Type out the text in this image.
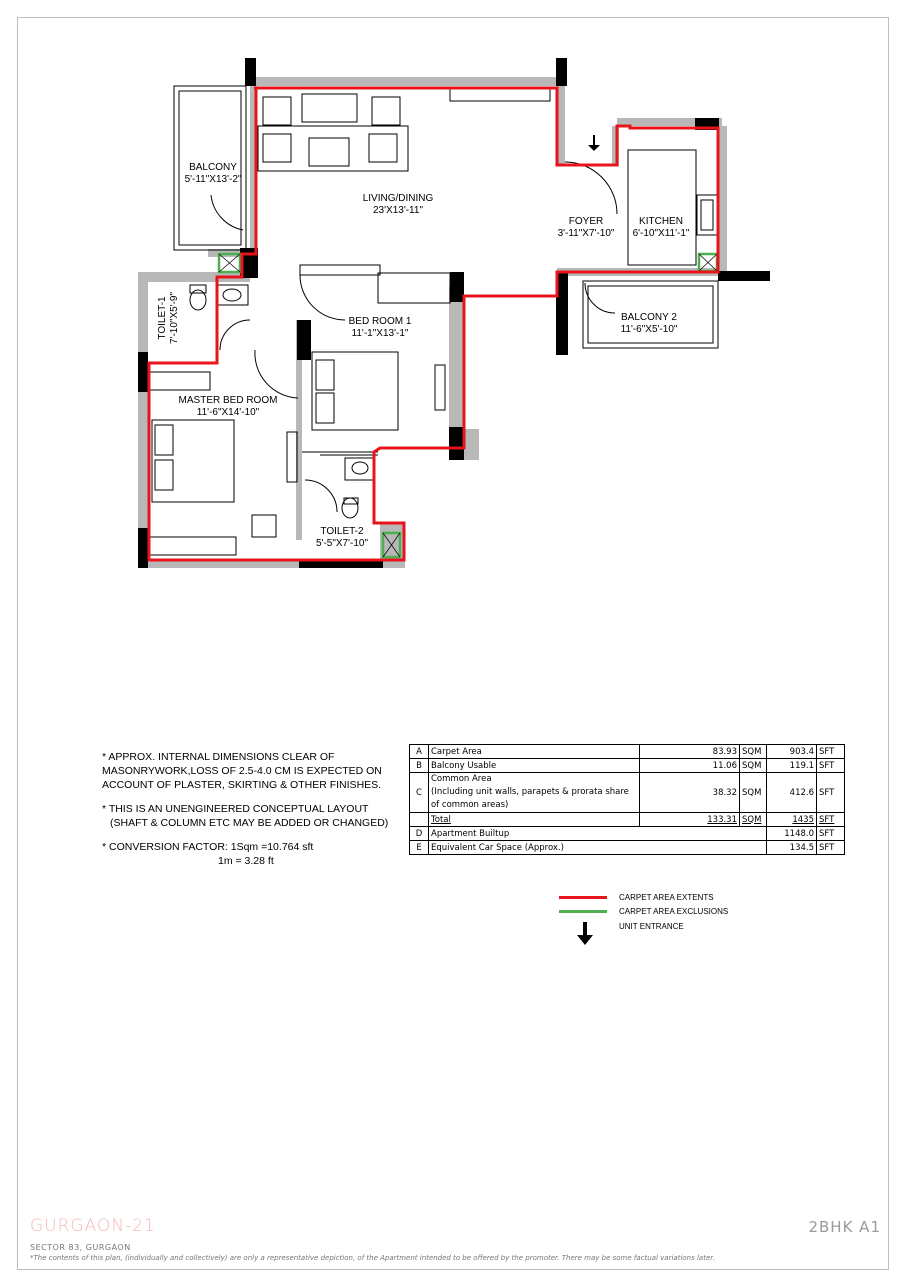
BALCONY
5'-11"X13'-2"
LIVING/DINING
23'X13'-11"
FOYER
3'-11"X7'-10"
KITCHEN
6'-10"X11'-1"
BALCONY 2
11'-6"X5'-10"
BED ROOM 1
11'-1"X13'-1"
MASTER BED ROOM
11'-6"X14'-10"
TOILET-2
5'-5"X7'-10"
TOILET-1
7'-10"X5'-9"

* APPROX. INTERNAL DIMENSIONS CLEAR OF MASONRYWORK,LOSS OF 2.5-4.0 CM IS EXPECTED ON ACCOUNT OF PLASTER, SKIRTING & OTHER FINISHES.

* THIS IS AN UNENGINEERED CONCEPTUAL LAYOUT

(SHAFT & COLUMN ETC MAY BE ADDED OR CHANGED)

* CONVERSION FACTOR: 1Sqm =10.764 sft

1m = 3.28 ft

A	Carpet Area	83.93	SQM	903.4	SFT
B	Balcony Usable	11.06	SQM	119.1	SFT
C	Common Area
(Including unit walls, parapets & prorata share
of common areas)	38.32	SQM	412.6	SFT
	Total	133.31	SQM	1435	SFT
D	Apartment Builtup			1148.0	SFT
E	Equivalent Car Space (Approx.)			134.5	SFT
CARPET AREA EXTENTS
CARPET AREA EXCLUSIONS
UNIT ENTRANCE
GURGAON-21	2BHK A1
SECTOR 83, GURGAON
*The contents of this plan, (individually and collectively) are only a representative depiction, of the Apartment intended to be offered by the promoter. There may be some factual variations later.
